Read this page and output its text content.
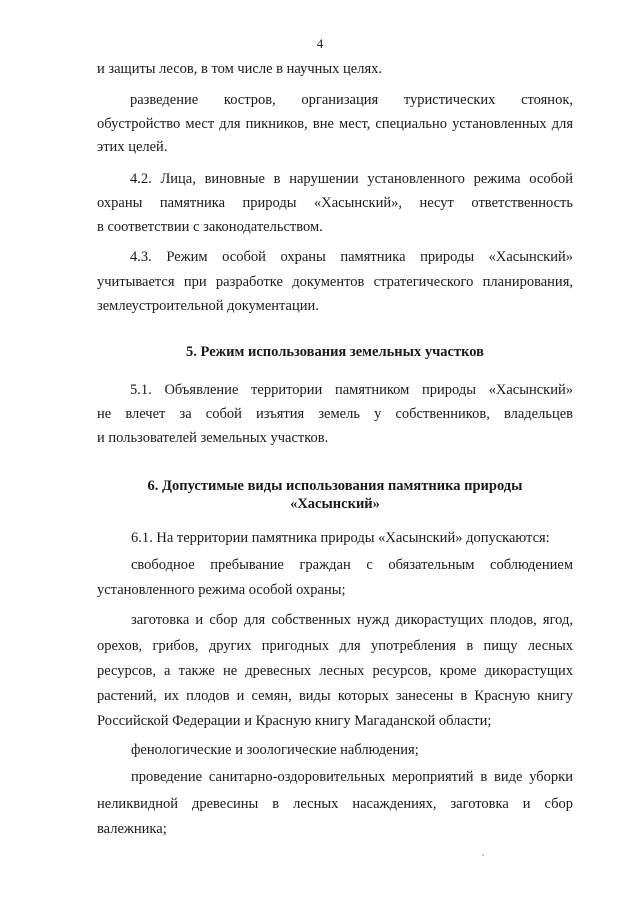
4
и защиты лесов, в том числе в научных целях.
разведение костров, организация туристических стоянок,
обустройство мест для пикников, вне мест, специально установленных для
этих целей.
4.2. Лица, виновные в нарушении установленного режима особой
охраны памятника природы «Хасынский», несут ответственность
в соответствии с законодательством.
4.3. Режим особой охраны памятника природы «Хасынский»
учитывается при разработке документов стратегического планирования,
землеустроительной документации.
5. Режим использования земельных участков
5.1. Объявление территории памятником природы «Хасынский»
не влечет за собой изъятия земель у собственников, владельцев
и пользователей земельных участков.
6. Допустимые виды использования памятника природы
«Хасынский»
6.1. На территории памятника природы «Хасынский» допускаются:
свободное пребывание граждан с обязательным соблюдением
установленного режима особой охраны;
заготовка и сбор для собственных нужд дикорастущих плодов, ягод,
орехов, грибов, других пригодных для употребления в пищу лесных
ресурсов, а также не древесных лесных ресурсов, кроме дикорастущих
растений, их плодов и семян, виды которых занесены в Красную книгу
Российской Федерации и Красную книгу Магаданской области;
фенологические и зоологические наблюдения;
проведение санитарно-оздоровительных мероприятий в виде уборки
неликвидной древесины в лесных насаждениях, заготовка и сбор
валежника;
